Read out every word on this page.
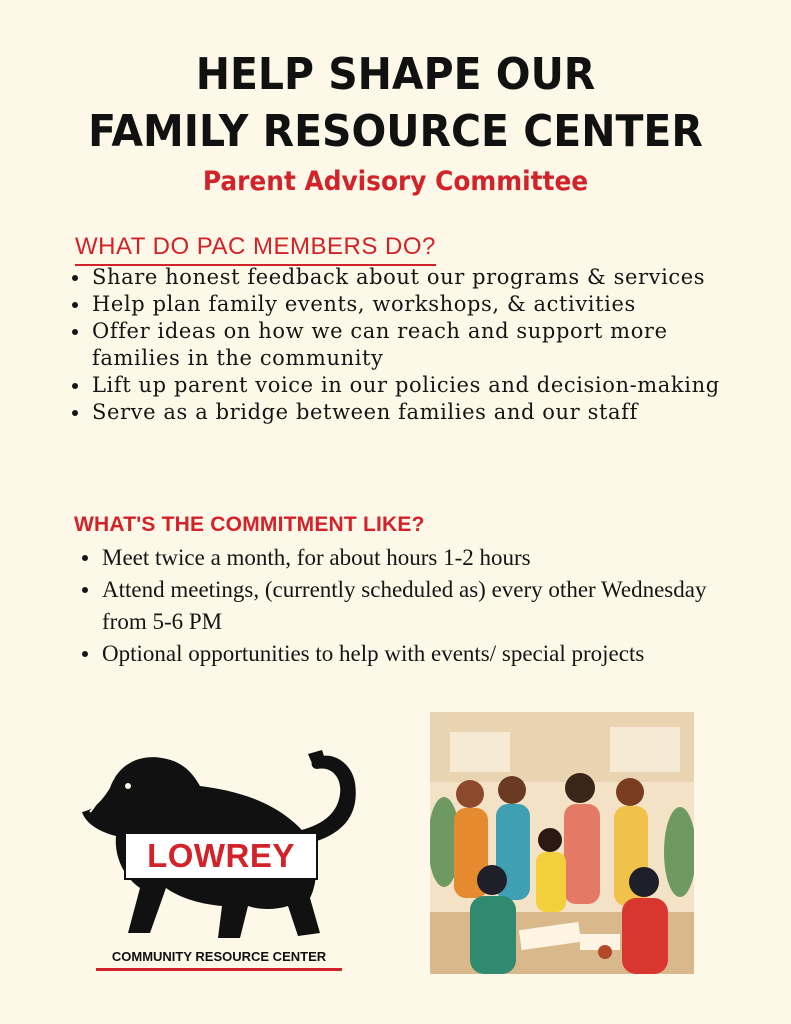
HELP SHAPE OUR
FAMILY RESOURCE CENTER
Parent Advisory Committee
WHAT DO PAC MEMBERS DO?
Share honest feedback about our programs & services
Help plan family events, workshops, & activities
Offer ideas on how we can reach and support more families in the community
Lift up parent voice in our policies and decision-making
Serve as a bridge between families and our staff
WHAT'S THE COMMITMENT LIKE?
Meet twice a month, for about hours 1-2 hours
Attend meetings, (currently scheduled as) every other Wednesday from 5-6 PM
Optional opportunities to help with events/ special projects
LOWREY
COMMUNITY RESOURCE CENTER
